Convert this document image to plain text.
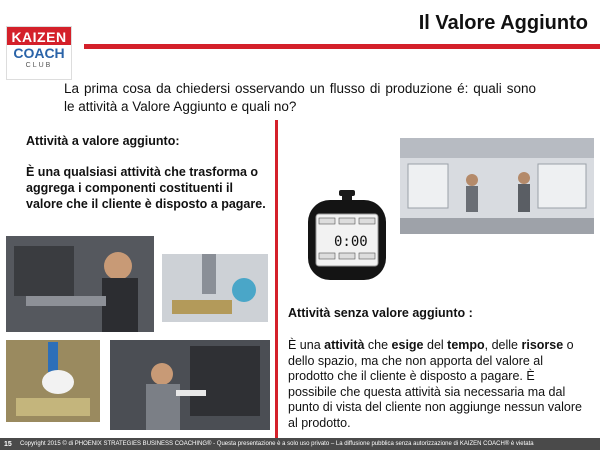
KAIZEN
COACH
CLUB
Il Valore Aggiunto

La prima cosa da chiedersi osservando un flusso di produzione é: quali sono le attività a Valore Aggiunto e quali no?

Attività a valore aggiunto:
È una qualsiasi attività che trasforma o aggrega i componenti costituenti il valore che il cliente è disposto a pagare.
0:00
Attività senza valore aggiunto :
È una attività che esige del tempo, delle risorse o dello spazio, ma che non apporta del valore al prodotto che il cliente è disposto a pagare. È possibile che questa attività sia necessaria ma dal punto di vista del cliente non aggiunge nessun valore al prodotto.
Copyright 2015 © di PHOENIX STRATEGIES BUSINESS COACHING® - Questa presentazione è a solo uso privato – La diffusione pubblica senza autorizzazione di KAIZEN COACH® è vietata
15
